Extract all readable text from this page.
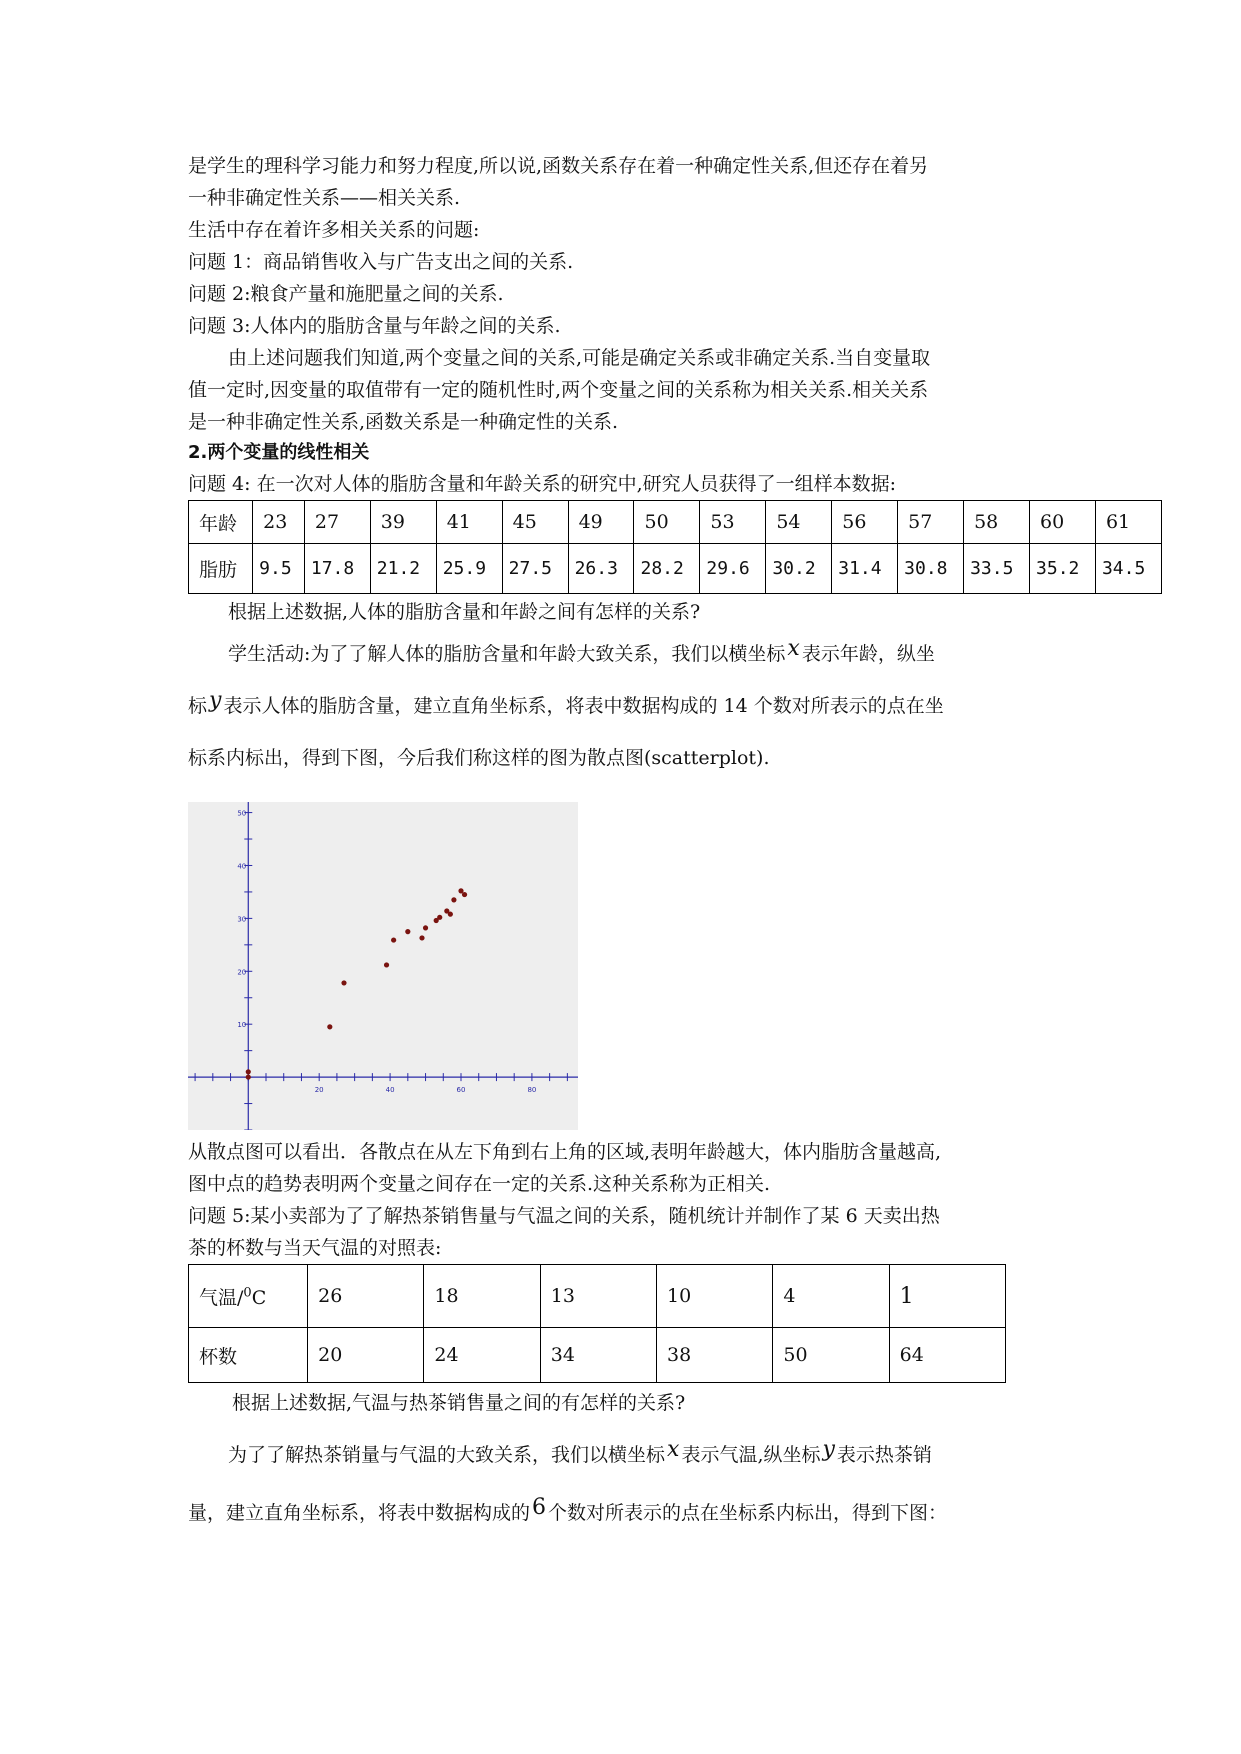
是学生的理科学习能力和努力程度,所以说,函数关系存在着一种确定性关系,但还存在着另
一种非确定性关系——相关关系.
生活中存在着许多相关关系的问题:
问题 1：商品销售收入与广告支出之间的关系.
问题 2:粮食产量和施肥量之间的关系.
问题 3:人体内的脂肪含量与年龄之间的关系.
由上述问题我们知道,两个变量之间的关系,可能是确定关系或非确定关系.当自变量取
值一定时,因变量的取值带有一定的随机性时,两个变量之间的关系称为相关关系.相关关系
是一种非确定性关系,函数关系是一种确定性的关系.
2.两个变量的线性相关
问题 4: 在一次对人体的脂肪含量和年龄关系的研究中,研究人员获得了一组样本数据:
年龄	23	27	39	41	45	49	50	53	54	56	57	58	60	61
脂肪	9.5	17.8	21.2	25.9	27.5	26.3	28.2	29.6	30.2	31.4	30.8	33.5	35.2	34.5
根据上述数据,人体的脂肪含量和年龄之间有怎样的关系?
学生活动:为了了解人体的脂肪含量和年龄大致关系，我们以横坐标x 表示年龄，纵坐
标y 表示人体的脂肪含量，建立直角坐标系，将表中数据构成的 14 个数对所表示的点在坐
标系内标出，得到下图，今后我们称这样的图为散点图(scatterplot).
20	40	60	80
10
20
30
40
50
从散点图可以看出．各散点在从左下角到右上角的区域,表明年龄越大，体内脂肪含量越高,
图中点的趋势表明两个变量之间存在一定的关系.这种关系称为正相关.
问题 5:某小卖部为了了解热茶销售量与气温之间的关系，随机统计并制作了某 6 天卖出热
茶的杯数与当天气温的对照表:
气温/$^0$C	26	18	13	10	4	1
杯数	20	24	34	38	50	64
根据上述数据,气温与热茶销售量之间的有怎样的关系?
为了了解热茶销量与气温的大致关系，我们以横坐标x 表示气温,纵坐标y 表示热茶销
量，建立直角坐标系，将表中数据构成的6 个数对所表示的点在坐标系内标出，得到下图：
